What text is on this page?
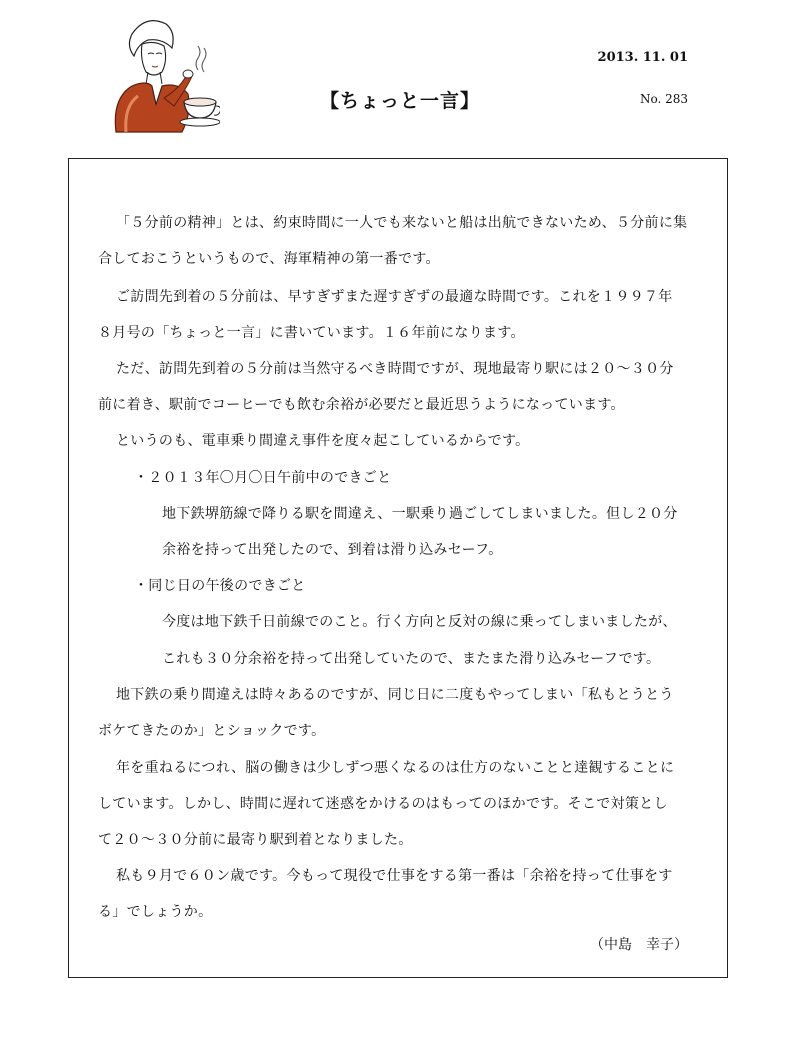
2013. 11. 01
【ちょっと一言】	No. 283
「５分前の精神」とは、約束時間に一人でも来ないと船は出航できないため、５分前に集
合しておこうというもので、海軍精神の第一番です。
ご訪問先到着の５分前は、早すぎずまた遅すぎずの最適な時間です。これを１９９７年
８月号の「ちょっと一言」に書いています。１６年前になります。
ただ、訪問先到着の５分前は当然守るべき時間ですが、現地最寄り駅には２０～３０分
前に着き、駅前でコーヒーでも飲む余裕が必要だと最近思うようになっています。
というのも、電車乗り間違え事件を度々起こしているからです。
・２０１３年〇月〇日午前中のできごと
地下鉄堺筋線で降りる駅を間違え、一駅乗り過ごしてしまいました。但し２０分
余裕を持って出発したので、到着は滑り込みセーフ。
・同じ日の午後のできごと
今度は地下鉄千日前線でのこと。行く方向と反対の線に乗ってしまいましたが、
これも３０分余裕を持って出発していたので、またまた滑り込みセーフです。
地下鉄の乗り間違えは時々あるのですが、同じ日に二度もやってしまい「私もとうとう
ボケてきたのか」とショックです。
年を重ねるにつれ、脳の働きは少しずつ悪くなるのは仕方のないことと達観することに
しています。しかし、時間に遅れて迷惑をかけるのはもってのほかです。そこで対策とし
て２０～３０分前に最寄り駅到着となりました。
私も９月で６０ン歳です。今もって現役で仕事をする第一番は「余裕を持って仕事をす
る」でしょうか。
（中島　幸子）
